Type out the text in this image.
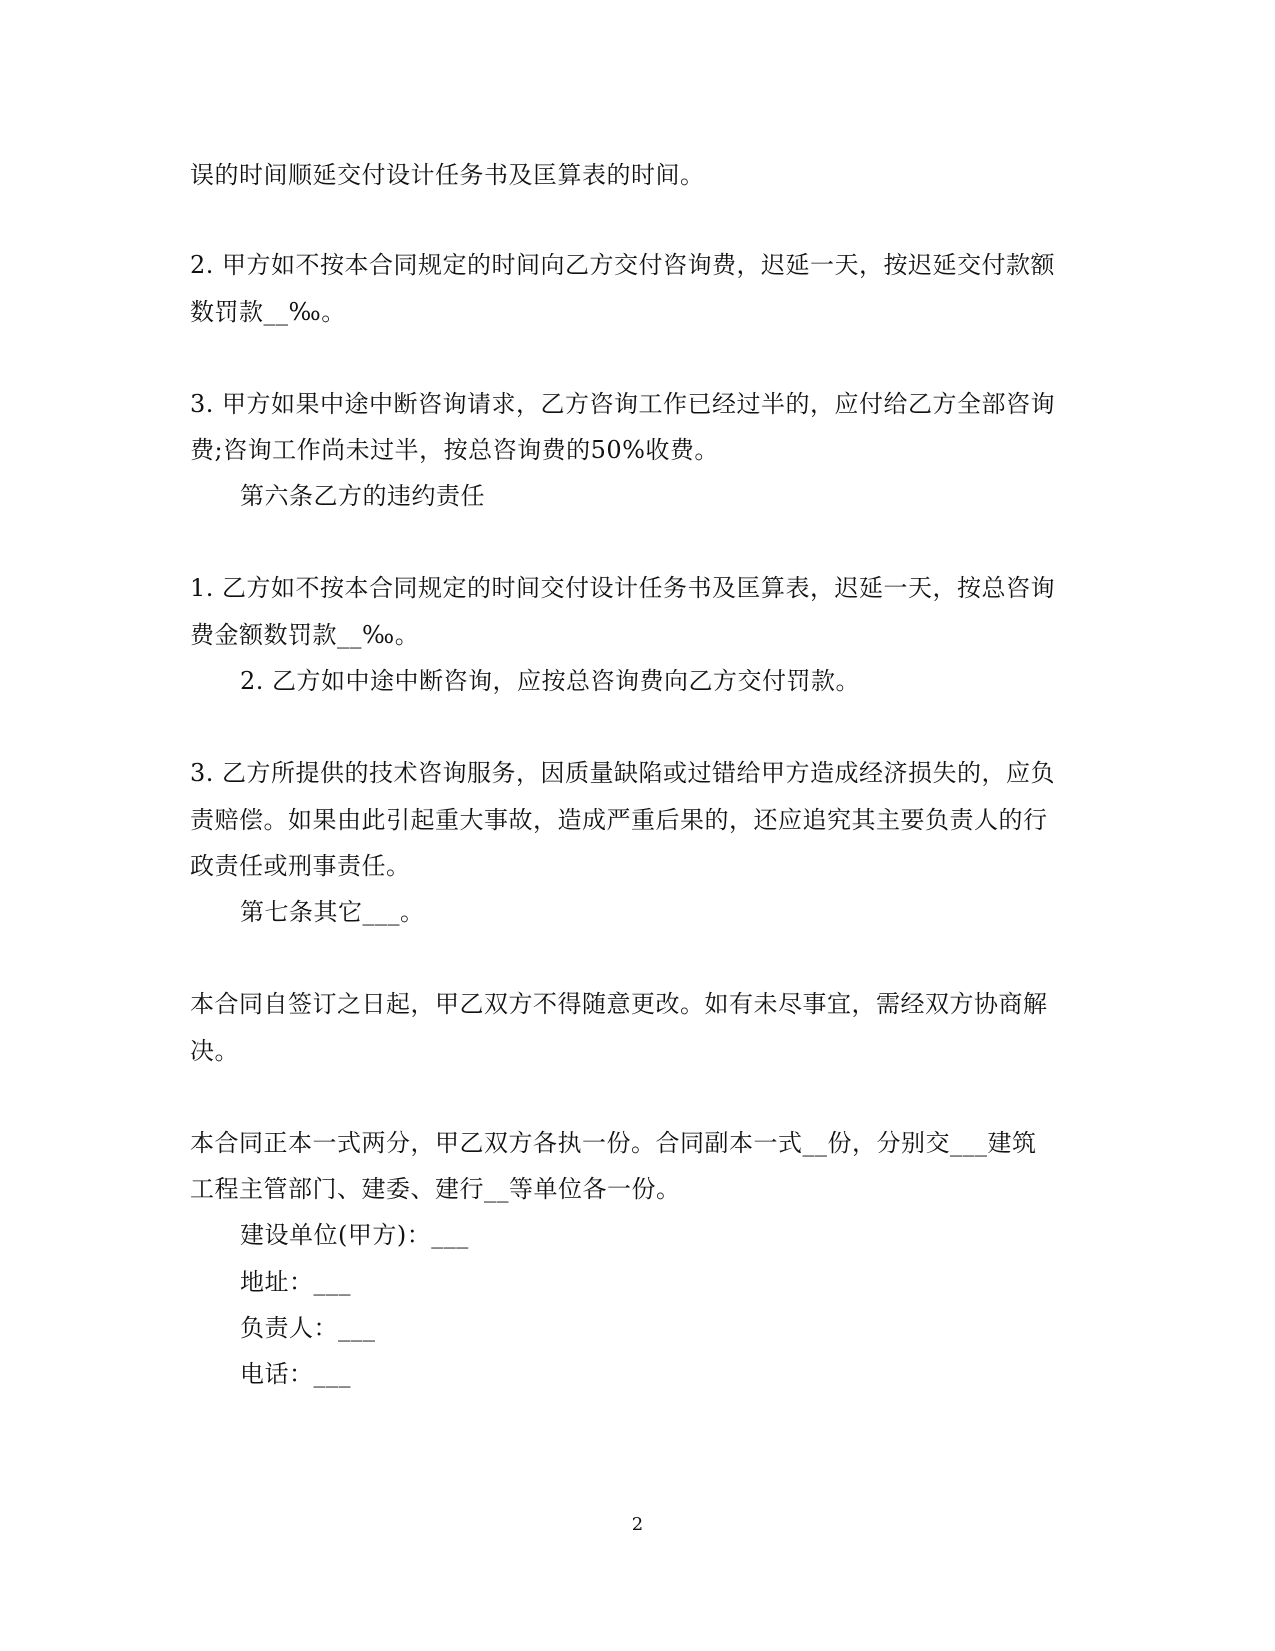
误的时间顺延交付设计任务书及匡算表的时间。
2. 甲方如不按本合同规定的时间向乙方交付咨询费，迟延一天，按迟延交付款额
数罚款__‰。
3. 甲方如果中途中断咨询请求，乙方咨询工作已经过半的，应付给乙方全部咨询
费;咨询工作尚未过半，按总咨询费的50%收费。
第六条乙方的违约责任
1. 乙方如不按本合同规定的时间交付设计任务书及匡算表，迟延一天，按总咨询
费金额数罚款__‰。
2. 乙方如中途中断咨询，应按总咨询费向乙方交付罚款。
3. 乙方所提供的技术咨询服务，因质量缺陷或过错给甲方造成经济损失的，应负
责赔偿。如果由此引起重大事故，造成严重后果的，还应追究其主要负责人的行
政责任或刑事责任。
第七条其它___。
本合同自签订之日起，甲乙双方不得随意更改。如有未尽事宜，需经双方协商解
决。
本合同正本一式两分，甲乙双方各执一份。合同副本一式__份，分别交___建筑
工程主管部门、建委、建行__等单位各一份。
建设单位(甲方)：___
地址：___
负责人：___
电话：___
2
